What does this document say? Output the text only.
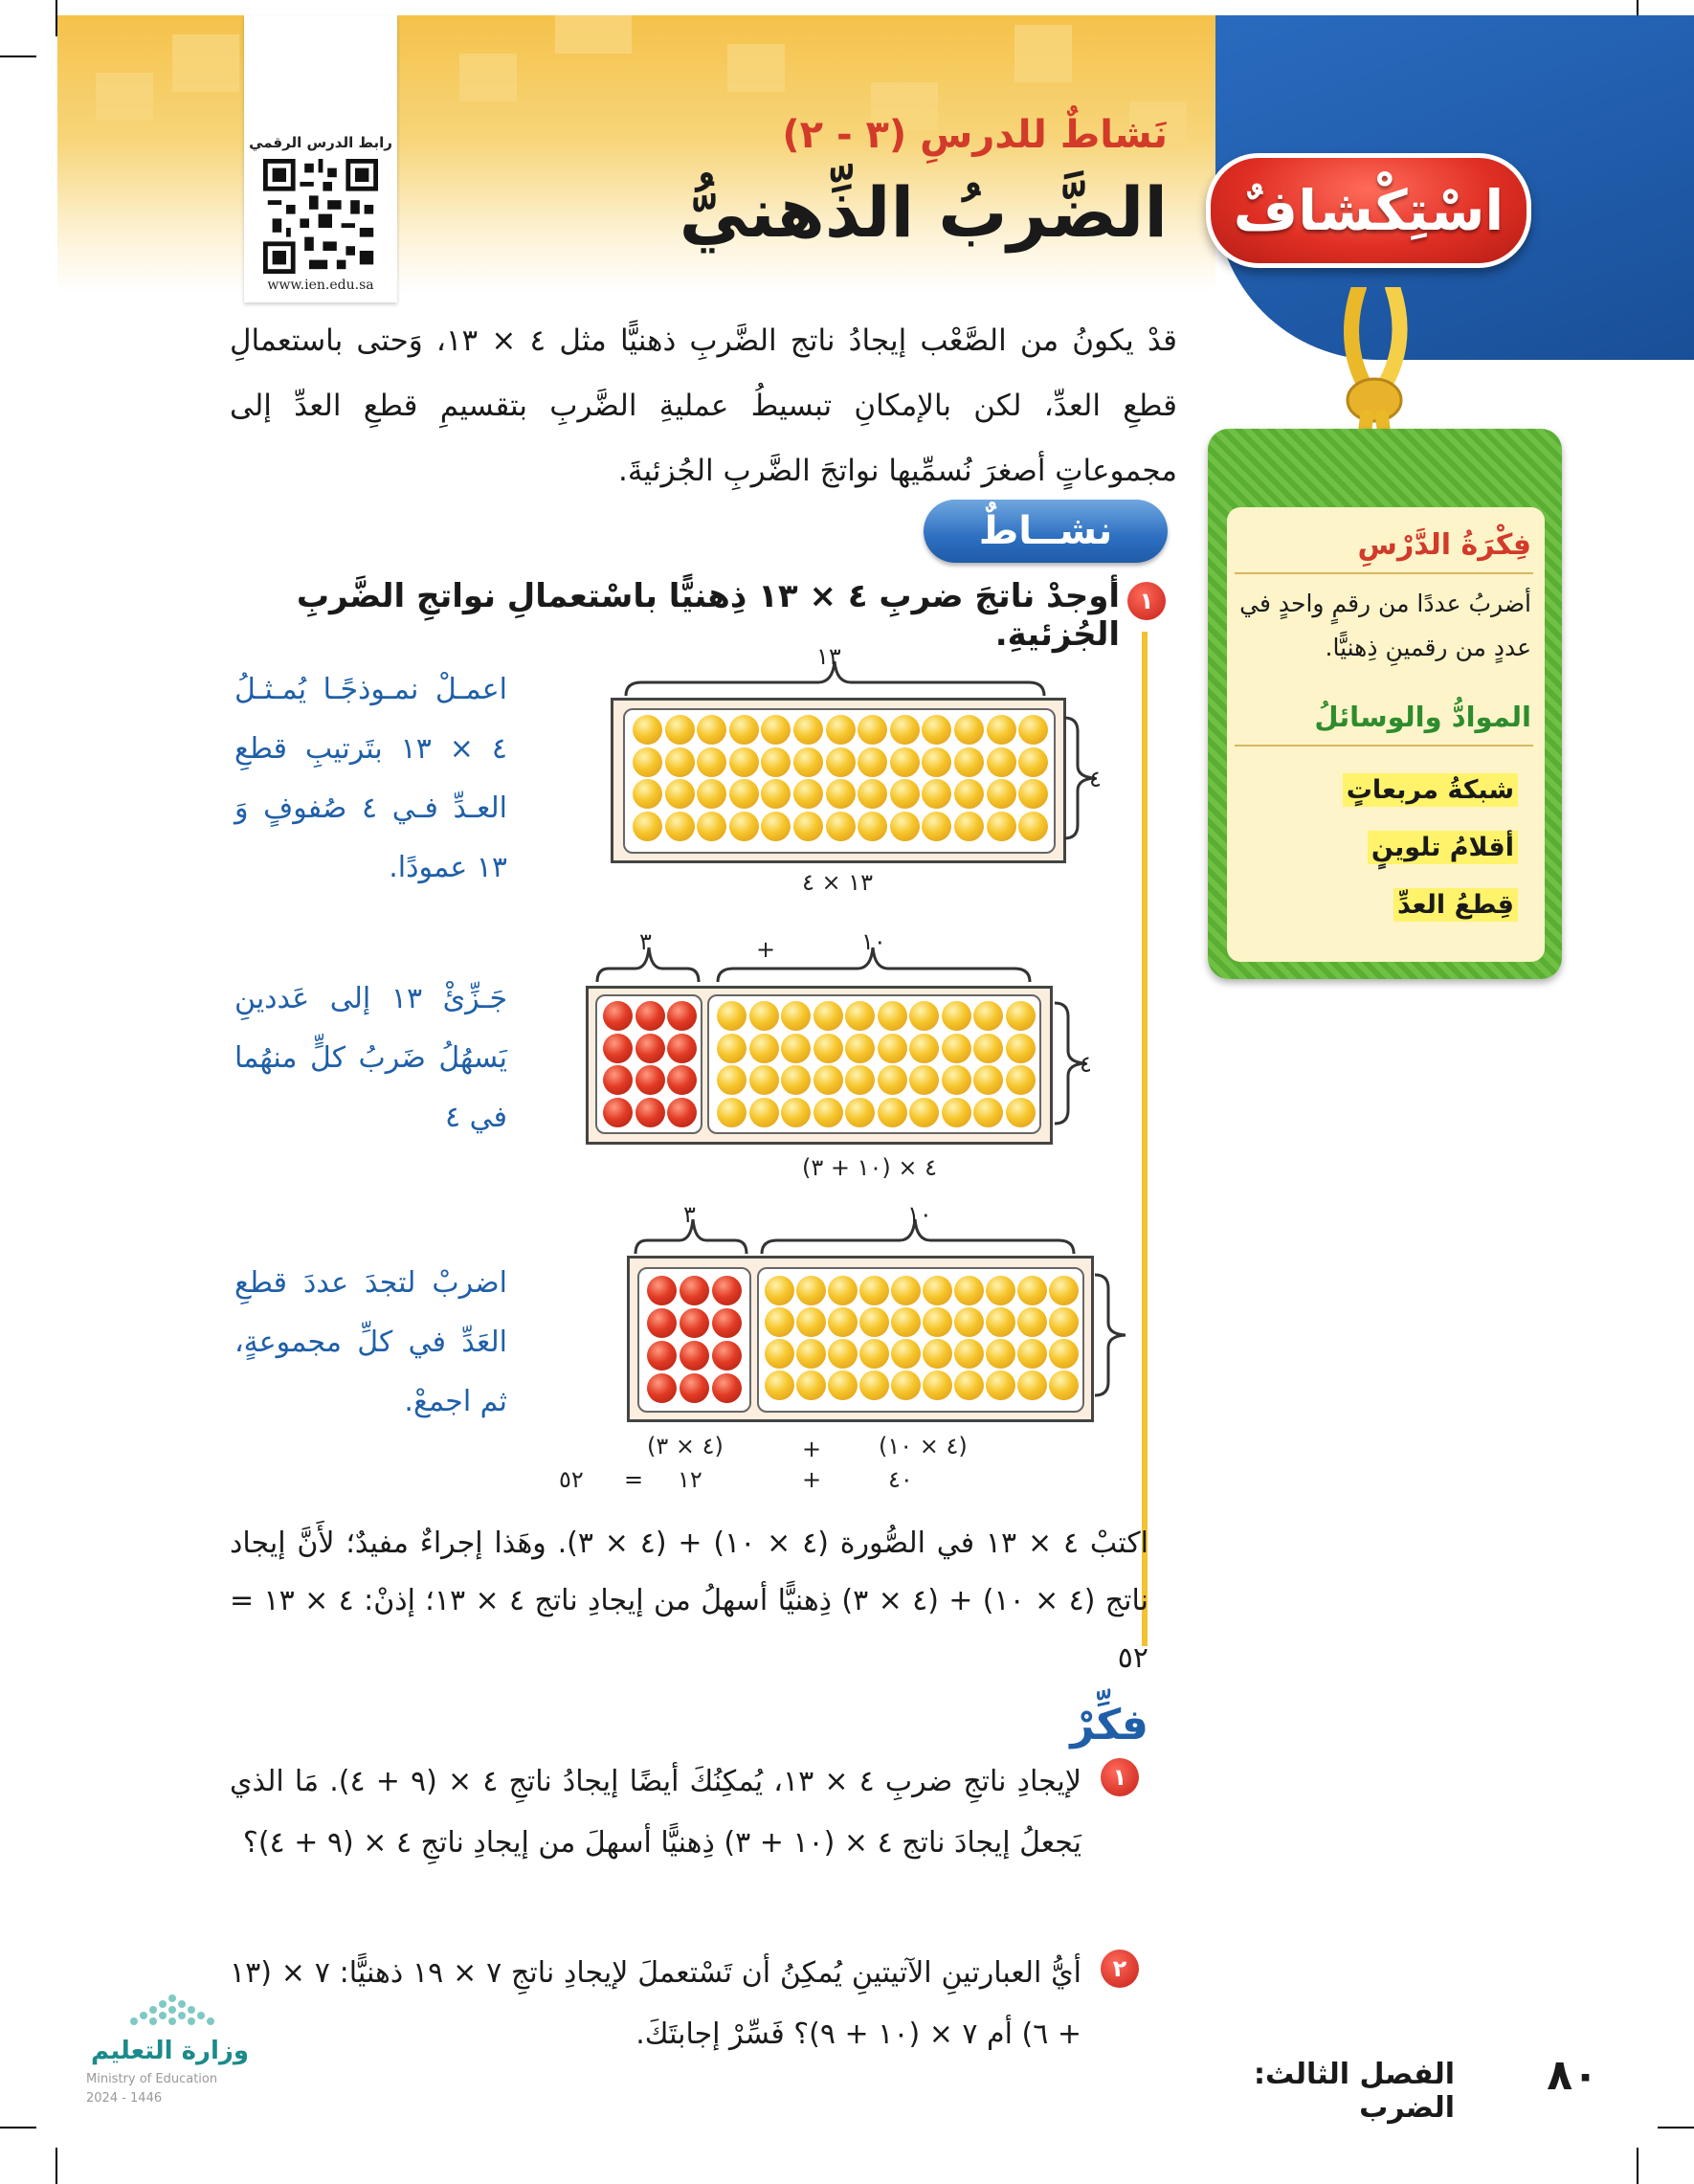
اسْتِكْشافٌ
رابط الدرس الرقمي
www.ien.edu.sa
نَشاطٌ للدرسِ (٣ - ٢)
الضَّربُ الذِّهنيُّ
قدْ يكونُ من الصَّعْب إيجادُ ناتج الضَّربِ ذهنيًّا مثل ٤ × ١٣، وَحتى باستعمالِ قطعِ العدِّ، لكن بالإمكانِ تبسيطُ عمليةِ الضَّربِ بتقسيمِ قطعِ العدِّ إلى مجموعاتٍ أصغرَ نُسمِّيها نواتجَ الضَّربِ الجُزئيةَ.
نشــاطٌ
١
أوجدْ ناتجَ ضربِ ٤ × ١٣ ذِهنيًّا باسْتعمالِ نواتجِ الضَّربِ الجُزئيةِ.
اعمـلْ نمـوذجًـا يُمـثـلُ ٤ × ١٣ بتَرتيبِ قطعِ العـدِّ فـي ٤ صُفوفٍ وَ ١٣ عمودًا.
جَـزِّئْ ١٣ إلى عَددينِ يَسهُلُ ضَربُ كلٍّ منهُما في ٤
اضربْ لتجدَ عددَ قطعِ العَدِّ في كلِّ مجموعةٍ، ثم اجمعْ.
١٣
٤
١٣ × ٤
٣	+	١٠
٤
٤ × (١٠ + ٣)
٣	١٠
(٤ × ٣)	+ (٤ × ١٠)
٥٢ = ١٢	+	٤٠
اكتبْ ٤ × ١٣ في الصُّورة (٤ × ١٠) + (٤ × ٣). وهَذا إجراءٌ مفيدٌ؛ لأَنَّ إيجاد ناتج (٤ × ١٠) + (٤ × ٣) ذِهنيًّا أسهلُ من إيجادِ ناتج ٤ × ١٣؛ إذنْ: ٤ × ١٣ = ٥٢
فكِّرْ
١
لإيجادِ ناتجِ ضربِ ٤ × ١٣، يُمكِنُكَ أيضًا إيجادُ ناتجِ ٤ × (٩ + ٤). مَا الذي يَجعلُ إيجادَ ناتج ٤ × (١٠ + ٣) ذِهنيًّا أسهلَ من إيجادِ ناتجِ ٤ × (٩ + ٤)؟
٢
أيُّ العبارتينِ الآتيتينِ يُمكِنُ أن تَسْتعملَ لإيجادِ ناتجِ ٧ × ١٩ ذهنيًّا: ٧ × (١٣ + ٦) أم ٧ × (١٠ + ٩)؟ فَسِّرْ إجابتَكَ.
فِكْرَةُ الدَّرْسِ
أضربُ عددًا من رقمٍ واحدٍ في عددٍ من رقمينِ ذِهنيًّا.
الموادُّ والوسائلُ
شبكةُ مربعاتٍ
أقلامُ تلوينٍ
قِطعُ العدِّ
٨٠
الفصل الثالث: الضرب
وزارة التعليم
Ministry of Education
2024 - 1446
